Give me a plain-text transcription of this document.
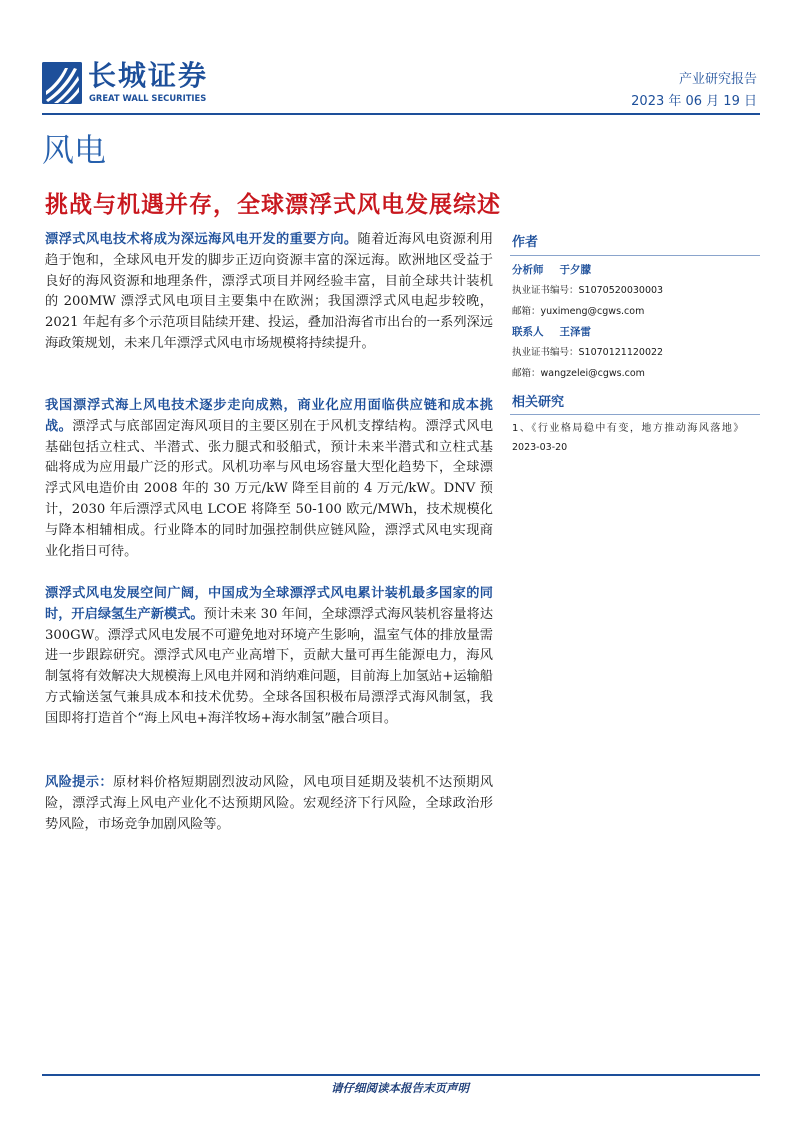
长城证券
GREAT WALL SECURITIES
产业研究报告
2023 年 06 月 19 日
风电
挑战与机遇并存，全球漂浮式风电发展综述

漂浮式风电技术将成为深远海风电开发的重要方向。随着近海风电资源利用趋于饱和，全球风电开发的脚步正迈向资源丰富的深远海。欧洲地区受益于良好的海风资源和地理条件，漂浮式项目并网经验丰富，目前全球共计装机的 200MW 漂浮式风电项目主要集中在欧洲；我国漂浮式风电起步较晚，2021 年起有多个示范项目陆续开建、投运，叠加沿海省市出台的一系列深远海政策规划，未来几年漂浮式风电市场规模将持续提升。

我国漂浮式海上风电技术逐步走向成熟，商业化应用面临供应链和成本挑战。漂浮式与底部固定海风项目的主要区别在于风机支撑结构。漂浮式风电基础包括立柱式、半潜式、张力腿式和驳船式，预计未来半潜式和立柱式基础将成为应用最广泛的形式。风机功率与风电场容量大型化趋势下，全球漂浮式风电造价由 2008 年的 30 万元/kW 降至目前的 4 万元/kW。DNV 预计，2030 年后漂浮式风电 LCOE 将降至 50-100 欧元/MWh，技术规模化与降本相辅相成。行业降本的同时加强控制供应链风险，漂浮式风电实现商业化指日可待。

漂浮式风电发展空间广阔，中国成为全球漂浮式风电累计装机最多国家的同时，开启绿氢生产新模式。预计未来 30 年间，全球漂浮式海风装机容量将达 300GW。漂浮式风电发展不可避免地对环境产生影响，温室气体的排放量需进一步跟踪研究。漂浮式风电产业高增下，贡献大量可再生能源电力，海风制氢将有效解决大规模海上风电并网和消纳难问题，目前海上加氢站+运输船方式输送氢气兼具成本和技术优势。全球各国积极布局漂浮式海风制氢，我国即将打造首个“海上风电+海洋牧场+海水制氢”融合项目。

风险提示：原材料价格短期剧烈波动风险，风电项目延期及装机不达预期风险，漂浮式海上风电产业化不达预期风险。宏观经济下行风险，全球政治形势风险，市场竞争加剧风险等。

作者
分析师 于夕朦
执业证书编号：S1070520030003
邮箱：yuximeng@cgws.com
联系人 王泽雷
执业证书编号：S1070121120022
邮箱：wangzelei@cgws.com
相关研究
1、《行业格局稳中有变，地方推动海风落地》
2023-03-20
请仔细阅读本报告末页声明
